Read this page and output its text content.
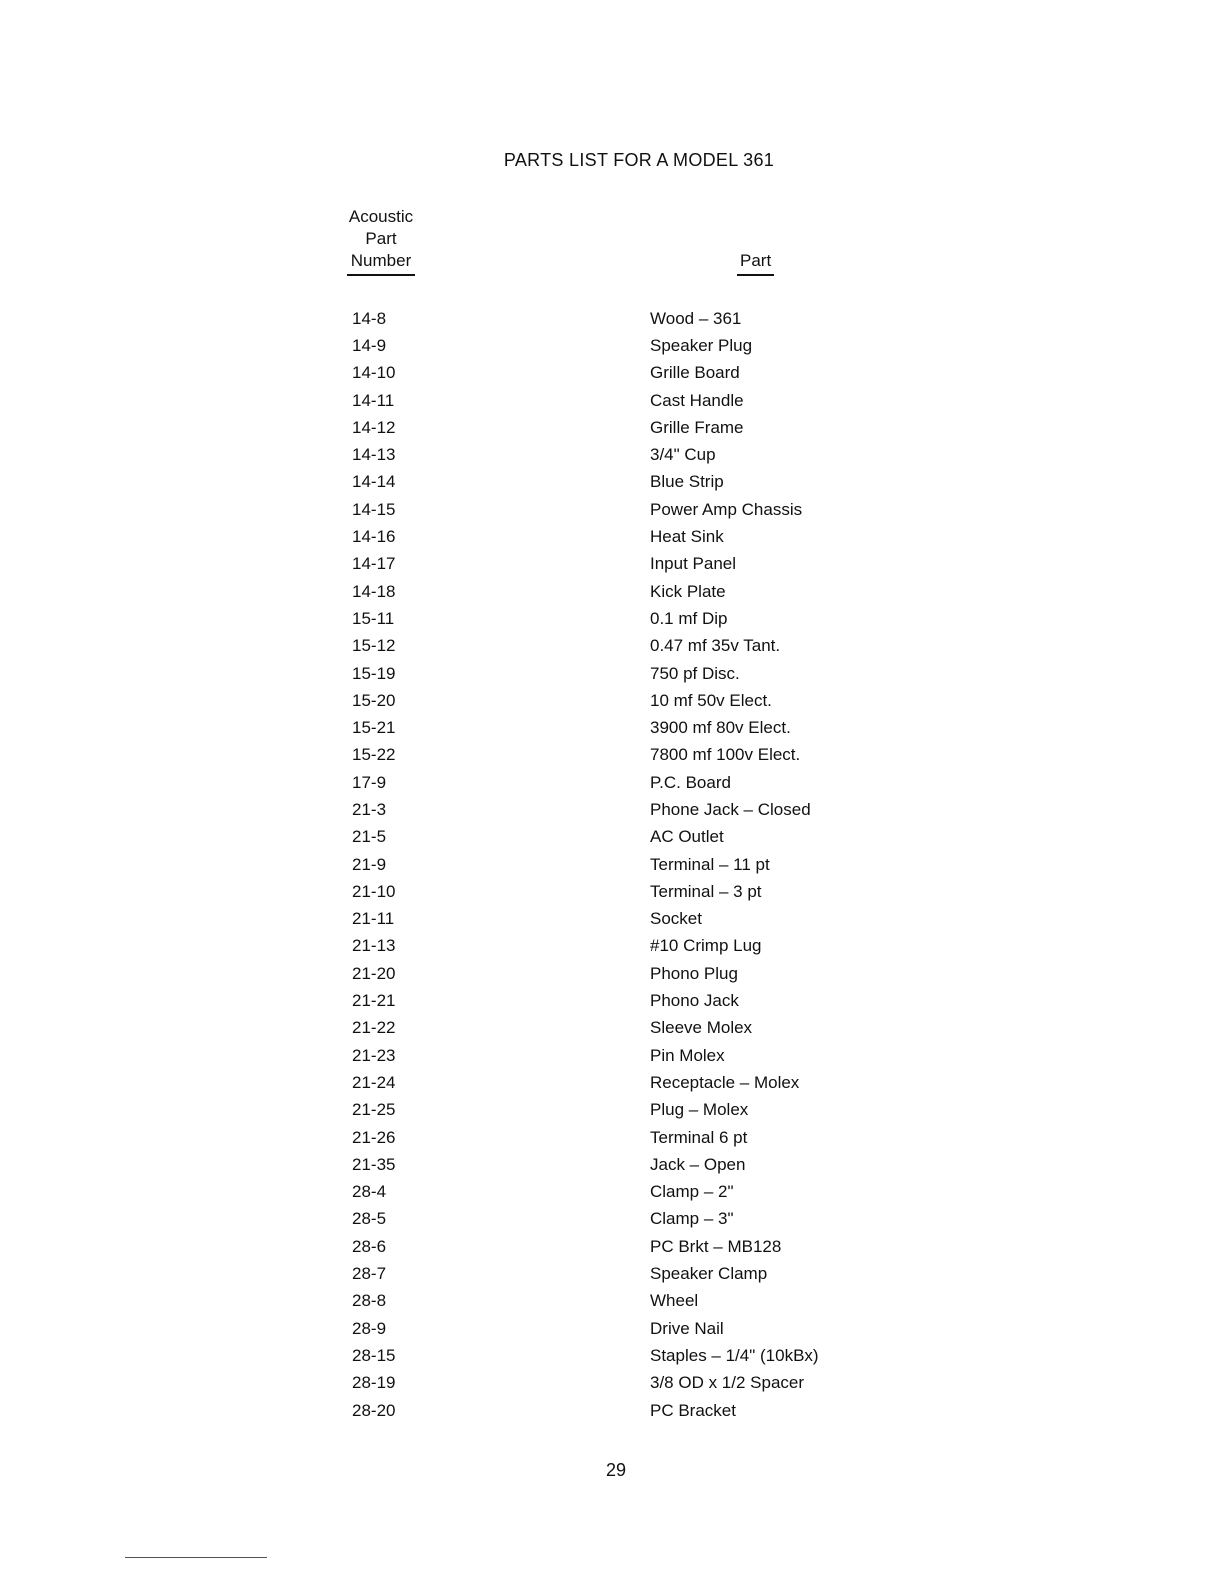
PARTS LIST FOR A MODEL 361
Acoustic
Part
Number	Part
14-8	Wood – 361
14-9	Speaker Plug
14-10	Grille Board
14-11	Cast Handle
14-12	Grille Frame
14-13	3/4" Cup
14-14	Blue Strip
14-15	Power Amp Chassis
14-16	Heat Sink
14-17	Input Panel
14-18	Kick Plate
15-11	0.1 mf Dip
15-12	0.47 mf 35v Tant.
15-19	750 pf Disc.
15-20	10 mf 50v Elect.
15-21	3900 mf 80v Elect.
15-22	7800 mf 100v Elect.
17-9	P.C. Board
21-3	Phone Jack – Closed
21-5	AC Outlet
21-9	Terminal – 11 pt
21-10	Terminal – 3 pt
21-11	Socket
21-13	#10 Crimp Lug
21-20	Phono Plug
21-21	Phono Jack
21-22	Sleeve Molex
21-23	Pin Molex
21-24	Receptacle – Molex
21-25	Plug – Molex
21-26	Terminal 6 pt
21-35	Jack – Open
28-4	Clamp – 2"
28-5	Clamp – 3"
28-6	PC Brkt – MB128
28-7	Speaker Clamp
28-8	Wheel
28-9	Drive Nail
28-15	Staples – 1/4" (10kBx)
28-19	3/8 OD x 1/2 Spacer
28-20	PC Bracket
29
